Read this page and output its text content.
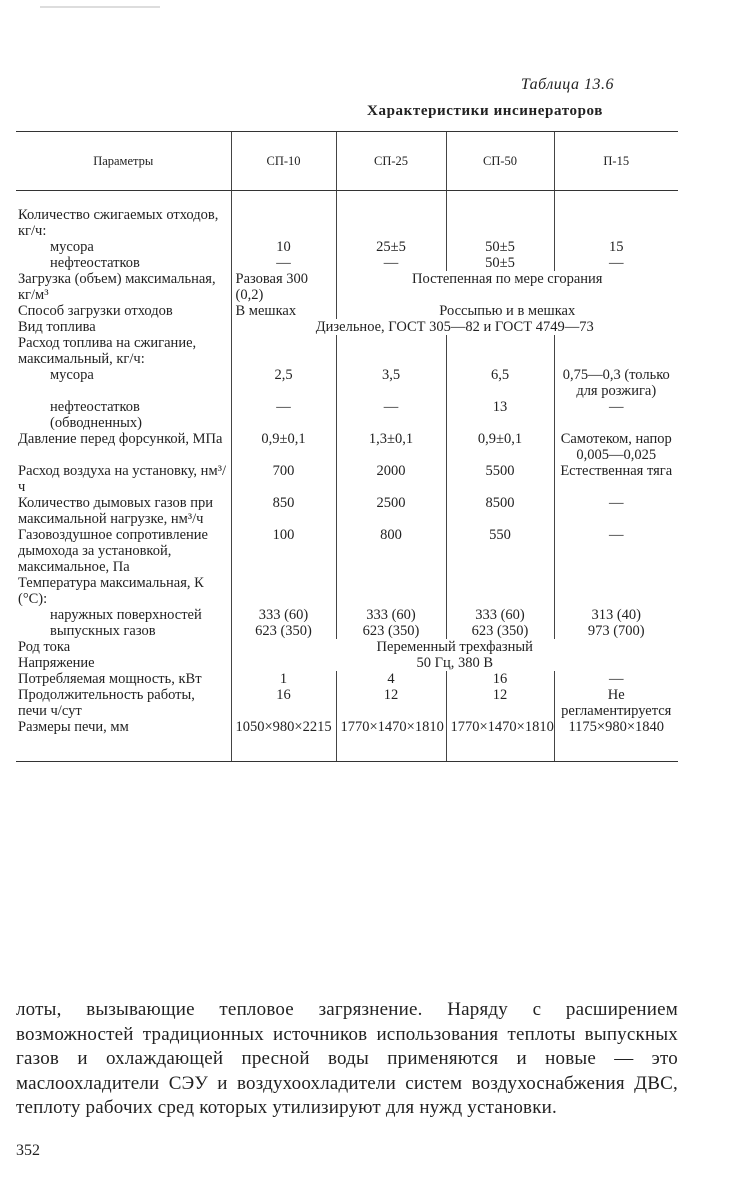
Таблица 13.6
Характеристики инсинераторов
Параметры	СП-10	СП-25	СП-50	П-15

Количество сжигаемых отходов, кг/ч:				
мусора	10	25±5	50±5	15
нефтеостатков	—	—	50±5	—
Загрузка (объем) максимальная, кг/м³	Разовая 300 (0,2)	Постепенная по мере сгорания		
Способ загрузки отходов	В мешках	Россыпью и в мешках		
Вид топлива	Дизельное, ГОСТ 305—82 и ГОСТ 4749—73			
Расход топлива на сжигание, максимальный, кг/ч:				
мусора	2,5	3,5	6,5	0,75—0,3 (только для розжига)
нефтеостатков (обводненных)	—	—	13	—
Давление перед форсункой, МПа	0,9±0,1	1,3±0,1	0,9±0,1	Самотеком, напор 0,005—0,025
Расход воздуха на установку, нм³/ч	700	2000	5500	Естественная тяга
Количество дымовых газов при максимальной нагрузке, нм³/ч	850	2500	8500	—
Газовоздушное сопротивление дымохода за установкой, максимальное, Па	100	800	550	—
Температура максимальная, К (°С):				
наружных поверхностей	333 (60)	333 (60)	333 (60)	313 (40)
выпускных газов	623 (350)	623 (350)	623 (350)	973 (700)
Род тока	Переменный трехфазный			
Напряжение	50 Гц, 380 В			
Потребляемая мощность, кВт	1	4	16	—
Продолжительность работы, печи ч/сут	16	12	12	Не регламентируется
Размеры печи, мм	1050×980×2215	1770×1470×1810	1770×1470×1810	1175×980×1840
лоты, вызывающие тепловое загрязнение. Наряду с расширением возможностей традиционных источников использования теплоты выпускных газов и охлаждающей пресной воды применяются и новые — это маслоохладители СЭУ и воздухоохладители систем воздухоснабжения ДВС, теплоту рабочих сред которых утилизируют для нужд установки.
352
